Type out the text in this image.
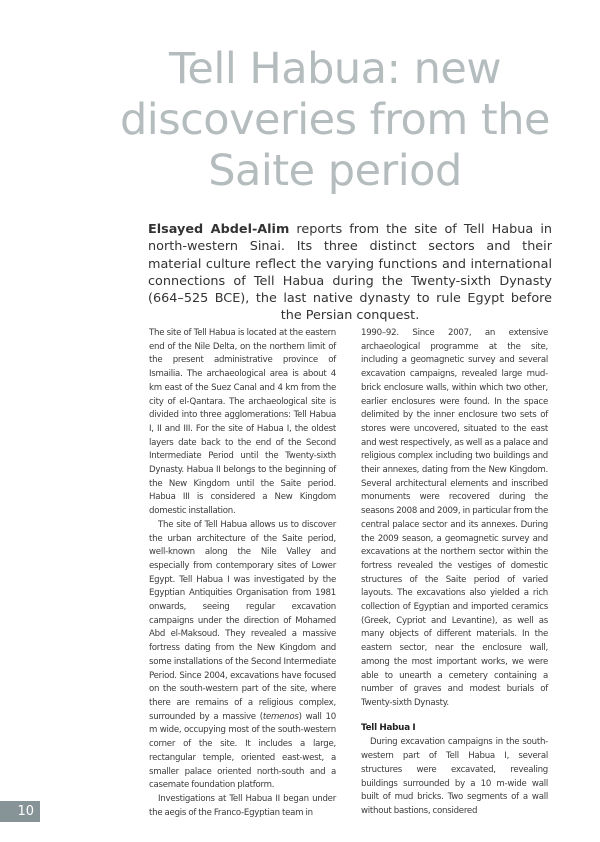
Tell Habua: new discoveries from the Saite period

Elsayed Abdel-Alim reports from the site of Tell Habua in north-western Sinai. Its three distinct sectors and their material culture reflect the varying functions and international connections of Tell Habua during the Twenty-sixth Dynasty (664–525 BCE), the last native dynasty to rule Egypt before the Persian conquest.

The site of Tell Habua is located at the eastern end of the Nile Delta, on the northern limit of the present administrative province of Ismailia. The archaeological area is about 4 km east of the Suez Canal and 4 km from the city of el-Qantara. The archaeological site is divided into three agglomerations: Tell Habua I, II and III. For the site of Habua I, the oldest layers date back to the end of the Second Intermediate Period until the Twenty-sixth Dynasty. Habua II belongs to the beginning of the New Kingdom until the Saite period. Habua III is considered a New Kingdom domestic installation.

The site of Tell Habua allows us to discover the urban architecture of the Saite period, well-known along the Nile Valley and especially from contemporary sites of Lower Egypt. Tell Habua I was investigated by the Egyptian Antiquities Organisation from 1981 onwards, seeing regular excavation campaigns under the direction of Mohamed Abd el-Maksoud. They revealed a massive fortress dating from the New Kingdom and some installations of the Second Intermediate Period. Since 2004, excavations have focused on the south-western part of the site, where there are remains of a religious complex, surrounded by a massive (temenos) wall 10 m wide, occupying most of the south-western corner of the site. It includes a large, rectangular temple, oriented east-west, a smaller palace oriented north-south and a casemate foundation platform.

Investigations at Tell Habua II began under the aegis of the Franco-Egyptian team in

1990–92. Since 2007, an extensive archaeological programme at the site, including a geomagnetic survey and several excavation campaigns, revealed large mud-brick enclosure walls, within which two other, earlier enclosures were found. In the space delimited by the inner enclosure two sets of stores were uncovered, situated to the east and west respectively, as well as a palace and religious complex including two buildings and their annexes, dating from the New Kingdom. Several architectural elements and inscribed monuments were recovered during the seasons 2008 and 2009, in particular from the central palace sector and its annexes. During the 2009 season, a geomagnetic survey and excavations at the northern sector within the fortress revealed the vestiges of domestic structures of the Saite period of varied layouts. The excavations also yielded a rich collection of Egyptian and imported ceramics (Greek, Cypriot and Levantine), as well as many objects of different materials. In the eastern sector, near the enclosure wall, among the most important works, we were able to unearth a cemetery containing a number of graves and modest burials of Twenty-sixth Dynasty.

Tell Habua I

During excavation campaigns in the south-western part of Tell Habua I, several structures were excavated, revealing buildings surrounded by a 10 m-wide wall built of mud bricks. Two segments of a wall without bastions, considered

10
